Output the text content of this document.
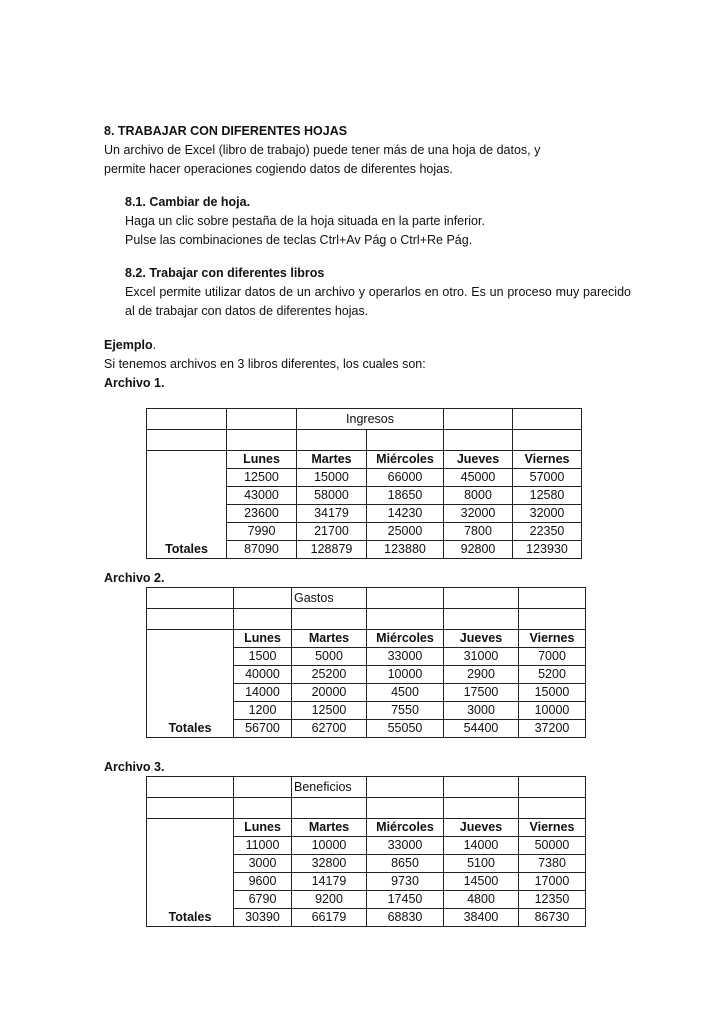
8. TRABAJAR CON DIFERENTES HOJAS
Un archivo de Excel (libro de trabajo) puede tener más de una hoja de datos, y
permite hacer operaciones cogiendo datos de diferentes hojas.
8.1. Cambiar de hoja.
Haga un clic sobre pestaña de la hoja situada en la parte inferior.
Pulse las combinaciones de teclas Ctrl+Av Pág o Ctrl+Re Pág.
8.2. Trabajar con diferentes libros
Excel permite utilizar datos de un archivo y operarlos en otro. Es un proceso muy parecido al de trabajar con datos de diferentes hojas.
Ejemplo.
Si tenemos archivos en 3 libros diferentes, los cuales son:
Archivo 1.
		Ingresos			

	Lunes	Martes	Miércoles	Jueves	Viernes
	12500	15000	66000	45000	57000
	43000	58000	18650	8000	12580
	23600	34179	14230	32000	32000
	7990	21700	25000	7800	22350
Totales	87090	128879	123880	92800	123930
Archivo 2.
		Gastos			

	Lunes	Martes	Miércoles	Jueves	Viernes
	1500	5000	33000	31000	7000
	40000	25200	10000	2900	5200
	14000	20000	4500	17500	15000
	1200	12500	7550	3000	10000
Totales	56700	62700	55050	54400	37200
Archivo 3.
		Beneficios			

	Lunes	Martes	Miércoles	Jueves	Viernes
	11000	10000	33000	14000	50000
	3000	32800	8650	5100	7380
	9600	14179	9730	14500	17000
	6790	9200	17450	4800	12350
Totales	30390	66179	68830	38400	86730
